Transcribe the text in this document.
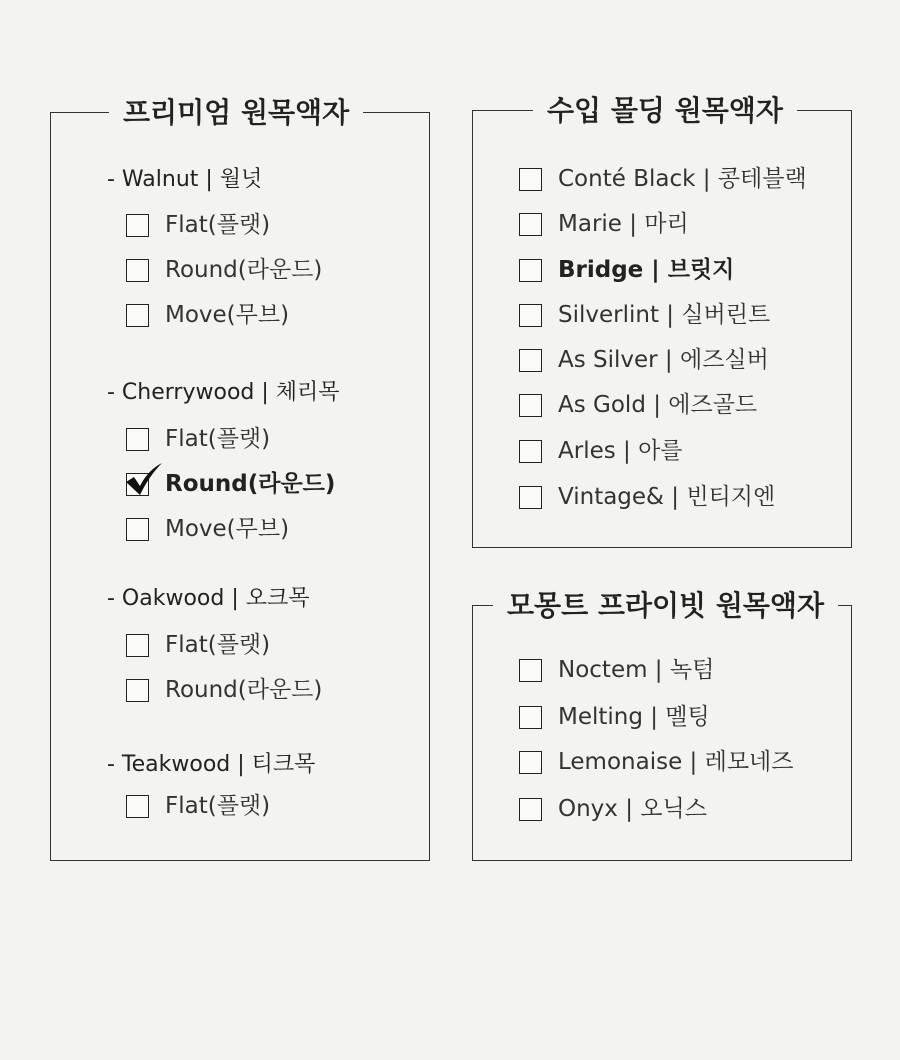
프리미엄 원목액자
- Walnut | 월넛
Flat(플랫)
Round(라운드)
Move(무브)
- Cherrywood | 체리목
Flat(플랫)
Round(라운드)
Move(무브)
- Oakwood | 오크목
Flat(플랫)
Round(라운드)
- Teakwood | 티크목
Flat(플랫)
수입 몰딩 원목액자
Conté Black | 콩테블랙
Marie | 마리
Bridge | 브릿지
Silverlint | 실버린트
As Silver | 에즈실버
As Gold | 에즈골드
Arles | 아를
Vintage& | 빈티지엔
모몽트 프라이빗 원목액자
Noctem | 녹텀
Melting | 멜팅
Lemonaise | 레모네즈
Onyx | 오닉스
